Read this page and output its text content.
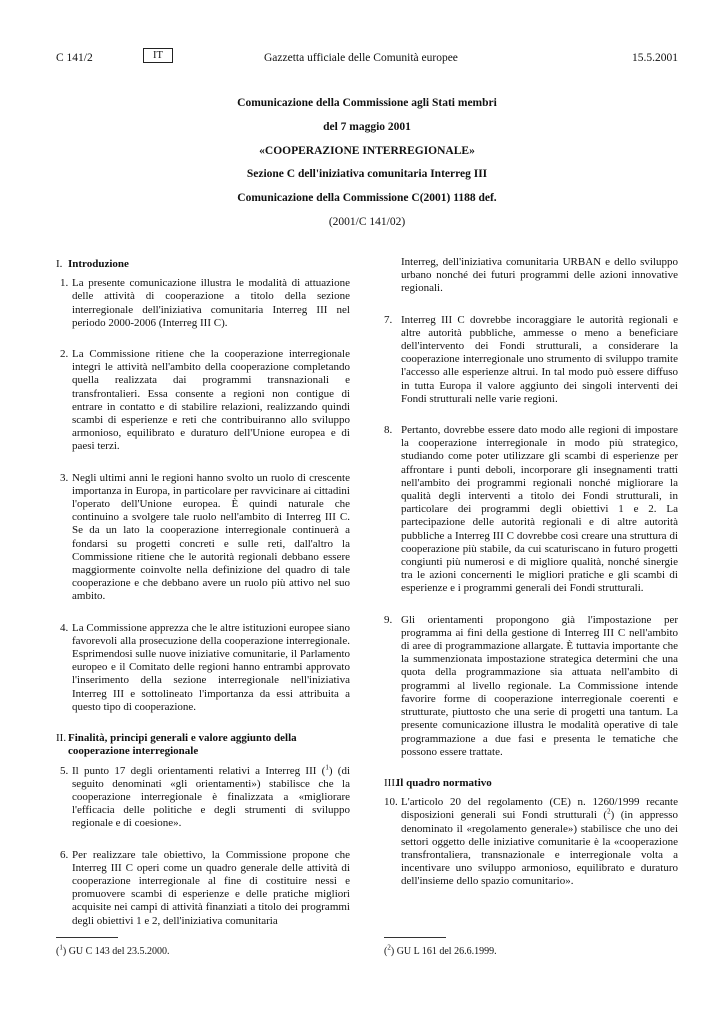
C 141/2	IT	Gazzetta ufficiale delle Comunità europee	15.5.2001
Comunicazione della Commissione agli Stati membri
del 7 maggio 2001
«COOPERAZIONE INTERREGIONALE»
Sezione C dell'iniziativa comunitaria Interreg III
Comunicazione della Commissione C(2001) 1188 def.
(2001/C 141/02)
I. Introduzione
1. La presente comunicazione illustra le modalità di attuazione delle attività di cooperazione a titolo della sezione interregionale dell'iniziativa comunitaria Interreg III nel periodo 2000-2006 (Interreg III C).
2. La Commissione ritiene che la cooperazione interregionale integri le attività nell'ambito della cooperazione completando quella realizzata dai programmi transnazionali e transfrontalieri. Essa consente a regioni non contigue di entrare in contatto e di stabilire relazioni, realizzando quindi scambi di esperienze e reti che contribuiranno allo sviluppo armonioso, equilibrato e duraturo dell'Unione europea e di paesi terzi.
3. Negli ultimi anni le regioni hanno svolto un ruolo di crescente importanza in Europa, in particolare per ravvicinare ai cittadini l'operato dell'Unione europea. È quindi naturale che continuino a svolgere tale ruolo nell'ambito di Interreg III C. Se da un lato la cooperazione interregionale continuerà a fondarsi su progetti concreti e sulle reti, dall'altro la Commissione ritiene che le autorità regionali debbano essere maggiormente coinvolte nella definizione del quadro di tale cooperazione e che debbano avere un ruolo più attivo nel suo ambito.
4. La Commissione apprezza che le altre istituzioni europee siano favorevoli alla prosecuzione della cooperazione interregionale. Esprimendosi sulle nuove iniziative comunitarie, il Parlamento europeo e il Comitato delle regioni hanno entrambi approvato l'inserimento della sezione interregionale nell'iniziativa Interreg III e sottolineato l'importanza da essi attribuita a questo tipo di cooperazione.
II. Finalità, principi generali e valore aggiunto della cooperazione interregionale
5. Il punto 17 degli orientamenti relativi a Interreg III ($^1$) (di seguito denominati «gli orientamenti») stabilisce che la cooperazione interregionale è finalizzata a «migliorare l'efficacia delle politiche e degli strumenti di sviluppo regionale e di coesione».
6. Per realizzare tale obiettivo, la Commissione propone che Interreg III C operi come un quadro generale delle attività di cooperazione interregionale al fine di costituire nessi e promuovere scambi di esperienze e delle pratiche migliori acquisite nei campi di attività finanziati a titolo dei programmi degli obiettivi 1 e 2, dell'iniziativa comunitaria
Interreg, dell'iniziativa comunitaria URBAN e dello sviluppo urbano nonché dei futuri programmi delle azioni innovative regionali.
7. Interreg III C dovrebbe incoraggiare le autorità regionali e altre autorità pubbliche, ammesse o meno a beneficiare dell'intervento dei Fondi strutturali, a considerare la cooperazione interregionale uno strumento di sviluppo tramite l'accesso alle esperienze altrui. In tal modo può essere diffuso in tutta Europa il valore aggiunto dei singoli interventi dei Fondi strutturali nelle varie regioni.
8. Pertanto, dovrebbe essere dato modo alle regioni di impostare la cooperazione interregionale in modo più strategico, studiando come poter utilizzare gli scambi di esperienze per affrontare i punti deboli, incorporare gli insegnamenti tratti nell'ambito dei programmi regionali nonché migliorare la qualità degli interventi a titolo dei Fondi strutturali, in particolare dei programmi degli obiettivi 1 e 2. La partecipazione delle autorità regionali e di altre autorità pubbliche a Interreg III C dovrebbe così creare una struttura di cooperazione più stabile, da cui scaturiscano in futuro progetti congiunti più numerosi e di migliore qualità, nonché sinergie tra le azioni concernenti le migliori pratiche e gli scambi di esperienze e i programmi generali dei Fondi strutturali.
9. Gli orientamenti propongono già l'impostazione per programma ai fini della gestione di Interreg III C nell'ambito di aree di programmazione allargate. È tuttavia importante che la summenzionata impostazione strategica determini che una quota della programmazione sia attuata nell'ambito di programmi al livello regionale. La Commissione intende favorire forme di cooperazione interregionale coerenti e strutturate, piuttosto che una serie di progetti una tantum. La presente comunicazione illustra le modalità operative di tale programmazione a due fasi e presenta le tematiche che possono essere trattate.
III.
Il quadro normativo
10. L'articolo 20 del regolamento (CE) n. 1260/1999 recante disposizioni generali sui Fondi strutturali ($^2$) (in appresso denominato il «regolamento generale») stabilisce che uno dei settori oggetto delle iniziative comunitarie è la «cooperazione transfrontaliera, transnazionale e interregionale volta a incentivare uno sviluppo armonioso, equilibrato e duraturo dell'insieme dello spazio comunitario».
($^1$) GU C 143 del 23.5.2000.	($^2$) GU L 161 del 26.6.1999.
